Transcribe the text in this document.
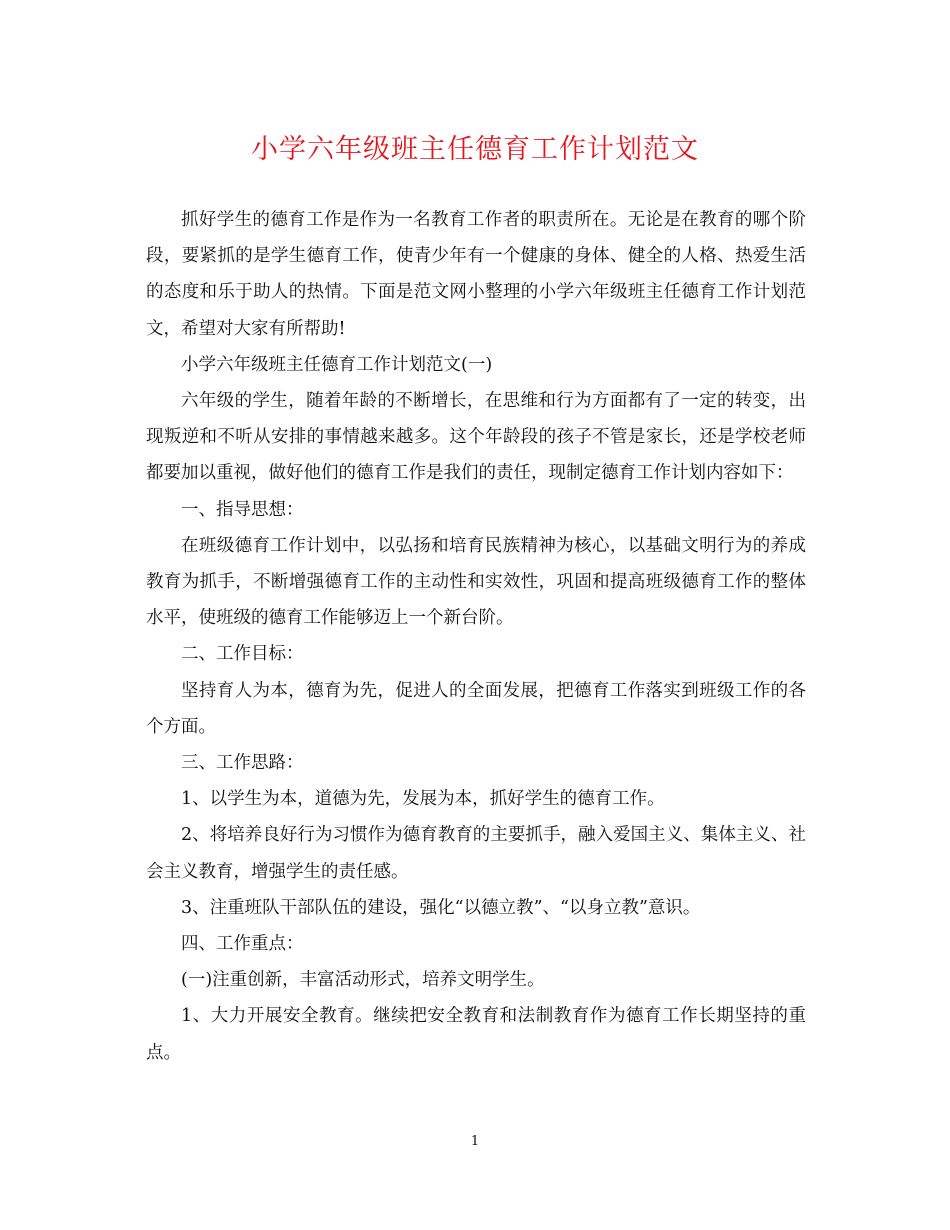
小学六年级班主任德育工作计划范文

抓好学生的德育工作是作为一名教育工作者的职责所在。无论是在教育的哪个阶段，要紧抓的是学生德育工作，使青少年有一个健康的身体、健全的人格、热爱生活的态度和乐于助人的热情。下面是范文网小整理的小学六年级班主任德育工作计划范文，希望对大家有所帮助!

小学六年级班主任德育工作计划范文(一)

六年级的学生，随着年龄的不断增长，在思维和行为方面都有了一定的转变，出现叛逆和不听从安排的事情越来越多。这个年龄段的孩子不管是家长，还是学校老师都要加以重视，做好他们的德育工作是我们的责任，现制定德育工作计划内容如下：

一、指导思想：

在班级德育工作计划中，以弘扬和培育民族精神为核心，以基础文明行为的养成教育为抓手，不断增强德育工作的主动性和实效性，巩固和提高班级德育工作的整体水平，使班级的德育工作能够迈上一个新台阶。

二、工作目标：

坚持育人为本，德育为先，促进人的全面发展，把德育工作落实到班级工作的各个方面。

三、工作思路：

1、以学生为本，道德为先，发展为本，抓好学生的德育工作。

2、将培养良好行为习惯作为德育教育的主要抓手，融入爱国主义、集体主义、社会主义教育，增强学生的责任感。

3、注重班队干部队伍的建设，强化“以德立教”、“以身立教”意识。

四、工作重点：

(一)注重创新，丰富活动形式，培养文明学生。

1、大力开展安全教育。继续把安全教育和法制教育作为德育工作长期坚持的重点。

1
